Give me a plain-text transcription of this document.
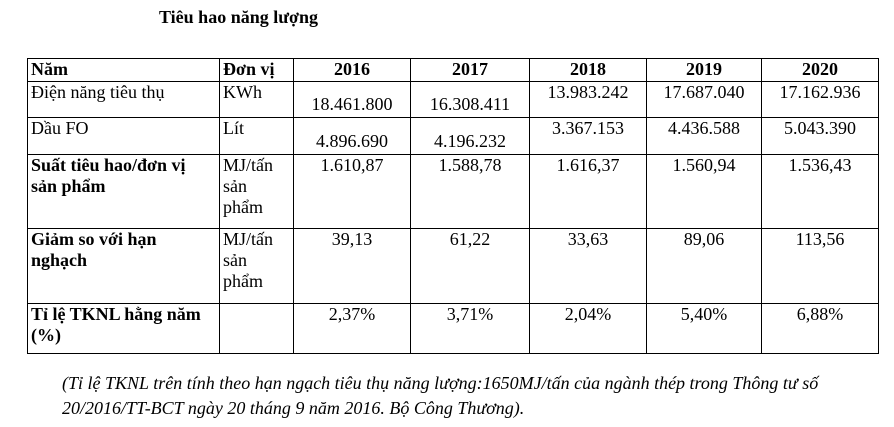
Tiêu hao năng lượng
Năm	Đơn vị	2016	2017	2018	2019	2020
Điện năng tiêu thụ	KWh	18.461.800	16.308.411	13.983.242	17.687.040	17.162.936
Dầu FO	Lít	4.896.690	4.196.232	3.367.153	4.436.588	5.043.390
Suất tiêu hao/đơn vị sản phẩm	MJ/tấn sản phẩm	1.610,87	1.588,78	1.616,37	1.560,94	1.536,43
Giảm so với hạn nghạch	MJ/tấn sản phẩm	39,13	61,22	33,63	89,06	113,56
Tỉ lệ TKNL hằng năm (%)		2,37%	3,71%	2,04%	5,40%	6,88%
(Tỉ lệ TKNL trên tính theo hạn ngạch tiêu thụ năng lượng:1650MJ/tấn của ngành thép trong Thông tư số 20/2016/TT-BCT ngày 20 tháng 9 năm 2016. Bộ Công Thương).
